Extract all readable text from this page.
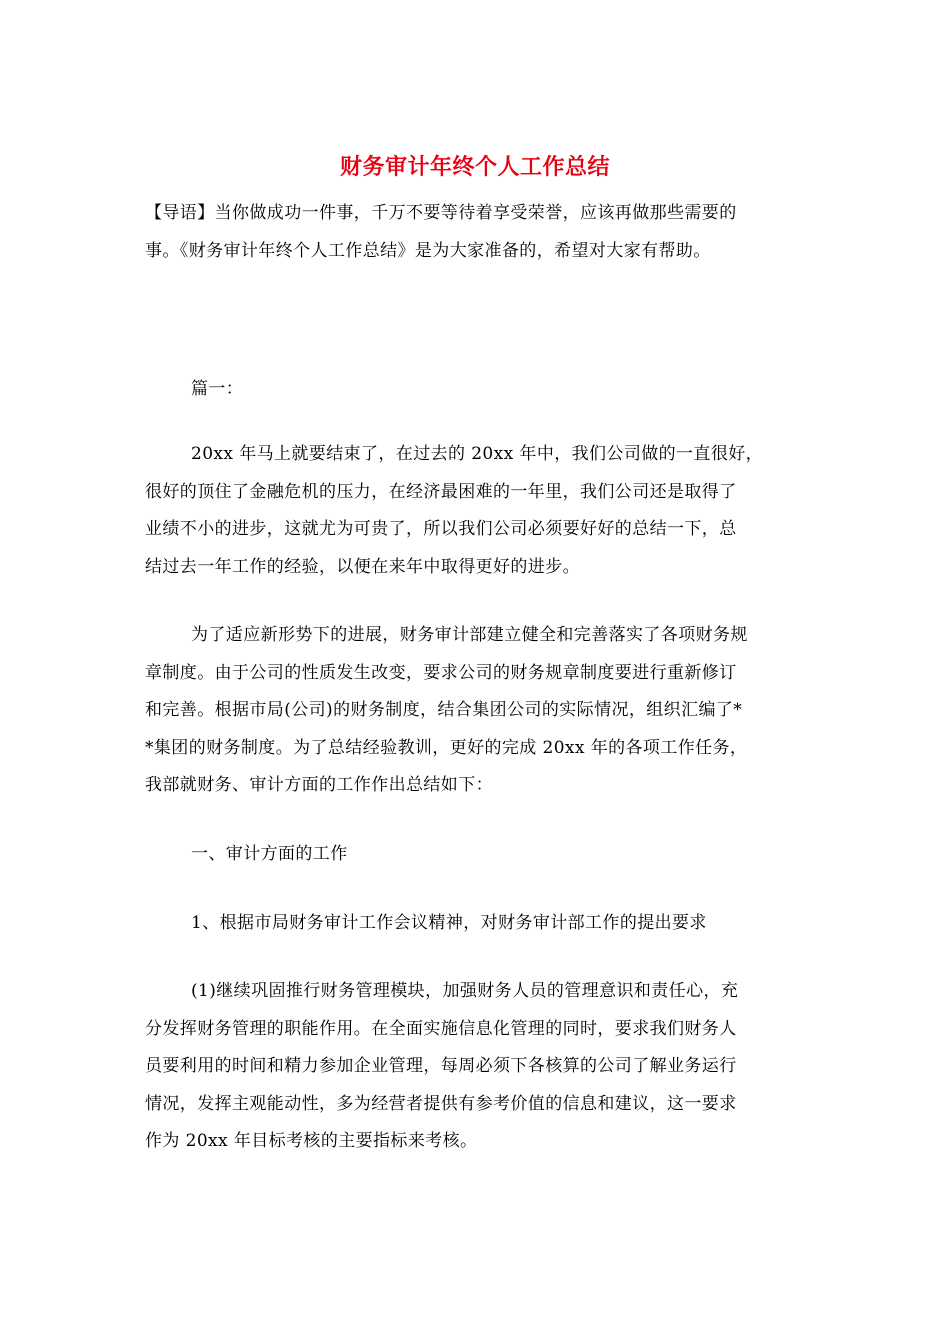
财务审计年终个人工作总结

【导语】当你做成功一件事，千万不要等待着享受荣誉，应该再做那些需要的

事。《财务审计年终个人工作总结》是为大家准备的，希望对大家有帮助。

篇一：

20xx 年马上就要结束了，在过去的 20xx 年中，我们公司做的一直很好，

很好的顶住了金融危机的压力，在经济最困难的一年里，我们公司还是取得了

业绩不小的进步，这就尤为可贵了，所以我们公司必须要好好的总结一下，总

结过去一年工作的经验，以便在来年中取得更好的进步。

为了适应新形势下的进展，财务审计部建立健全和完善落实了各项财务规

章制度。由于公司的性质发生改变，要求公司的财务规章制度要进行重新修订

和完善。根据市局(公司)的财务制度，结合集团公司的实际情况，组织汇编了*

*集团的财务制度。为了总结经验教训，更好的完成 20xx 年的各项工作任务，

我部就财务、审计方面的工作作出总结如下：

一、审计方面的工作

1、根据市局财务审计工作会议精神，对财务审计部工作的提出要求

(1)继续巩固推行财务管理模块，加强财务人员的管理意识和责任心，充

分发挥财务管理的职能作用。在全面实施信息化管理的同时，要求我们财务人

员要利用的时间和精力参加企业管理，每周必须下各核算的公司了解业务运行

情况，发挥主观能动性，多为经营者提供有参考价值的信息和建议，这一要求

作为 20xx 年目标考核的主要指标来考核。
